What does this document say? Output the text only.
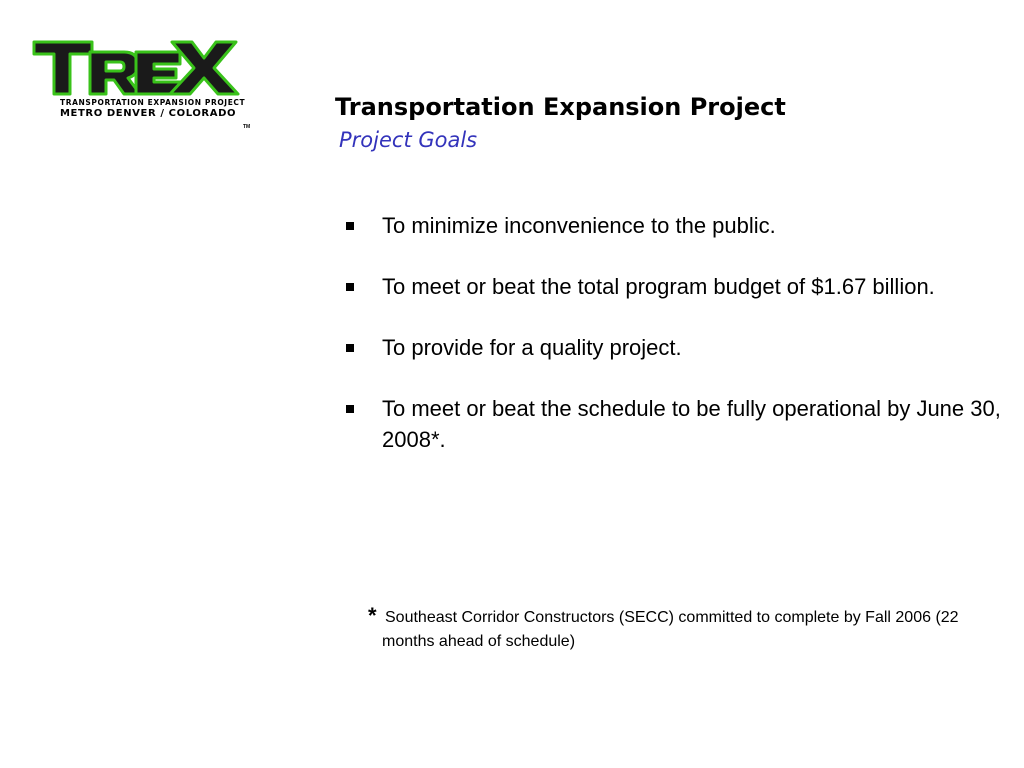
TM
TRANSPORTATION EXPANSION PROJECT
METRO DENVER / COLORADO	Transportation Expansion Project
Project Goals
To minimize inconvenience to the public.
To meet or beat the total program budget of $1.67 billion.
To provide for a quality project.
To meet or beat the schedule to be fully operational by June 30, 2008*.
* Southeast Corridor Constructors (SECC) committed to complete by Fall 2006 (22 months ahead of schedule)
